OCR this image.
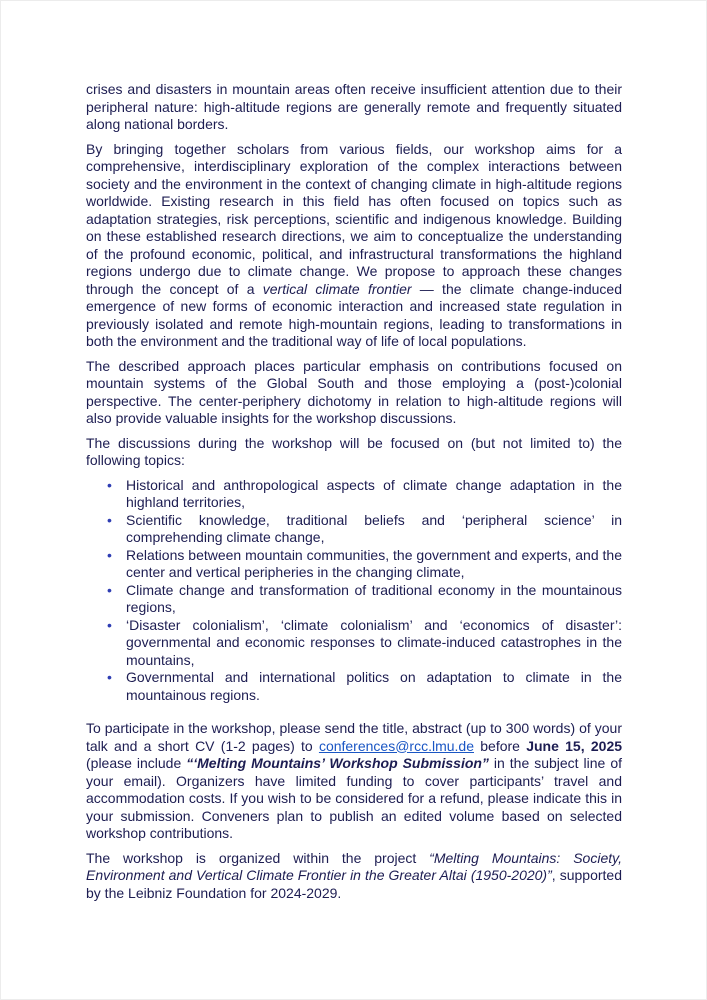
crises and disasters in mountain areas often receive insufficient attention due to their peripheral nature: high-altitude regions are generally remote and frequently situated along national borders.

By bringing together scholars from various fields, our workshop aims for a comprehensive, interdisciplinary exploration of the complex interactions between society and the environment in the context of changing climate in high-altitude regions worldwide. Existing research in this field has often focused on topics such as adaptation strategies, risk perceptions, scientific and indigenous knowledge. Building on these established research directions, we aim to conceptualize the understanding of the profound economic, political, and infrastructural transformations the highland regions undergo due to climate change. We propose to approach these changes through the concept of a vertical climate frontier — the climate change-induced emergence of new forms of economic interaction and increased state regulation in previously isolated and remote high-mountain regions, leading to transformations in both the environment and the traditional way of life of local populations.

The described approach places particular emphasis on contributions focused on mountain systems of the Global South and those employing a (post-)colonial perspective. The center-periphery dichotomy in relation to high-altitude regions will also provide valuable insights for the workshop discussions.

The discussions during the workshop will be focused on (but not limited to) the following topics:

• Historical and anthropological aspects of climate change adaptation in the highland territories,
• Scientific knowledge, traditional beliefs and ‘peripheral science’ in comprehending climate change,
• Relations between mountain communities, the government and experts, and the center and vertical peripheries in the changing climate,
• Climate change and transformation of traditional economy in the mountainous regions,
• ‘Disaster colonialism’, ‘climate colonialism’ and ‘economics of disaster’: governmental and economic responses to climate-induced catastrophes in the mountains,
• Governmental and international politics on adaptation to climate in the mountainous regions.

To participate in the workshop, please send the title, abstract (up to 300 words) of your talk and a short CV (1-2 pages) to conferences@rcc.lmu.de before June 15, 2025 (please include “‘Melting Mountains’ Workshop Submission” in the subject line of your email). Organizers have limited funding to cover participants’ travel and accommodation costs. If you wish to be considered for a refund, please indicate this in your submission. Conveners plan to publish an edited volume based on selected workshop contributions.

The workshop is organized within the project “Melting Mountains: Society, Environment and Vertical Climate Frontier in the Greater Altai (1950-2020)”, supported by the Leibniz Foundation for 2024-2029.
